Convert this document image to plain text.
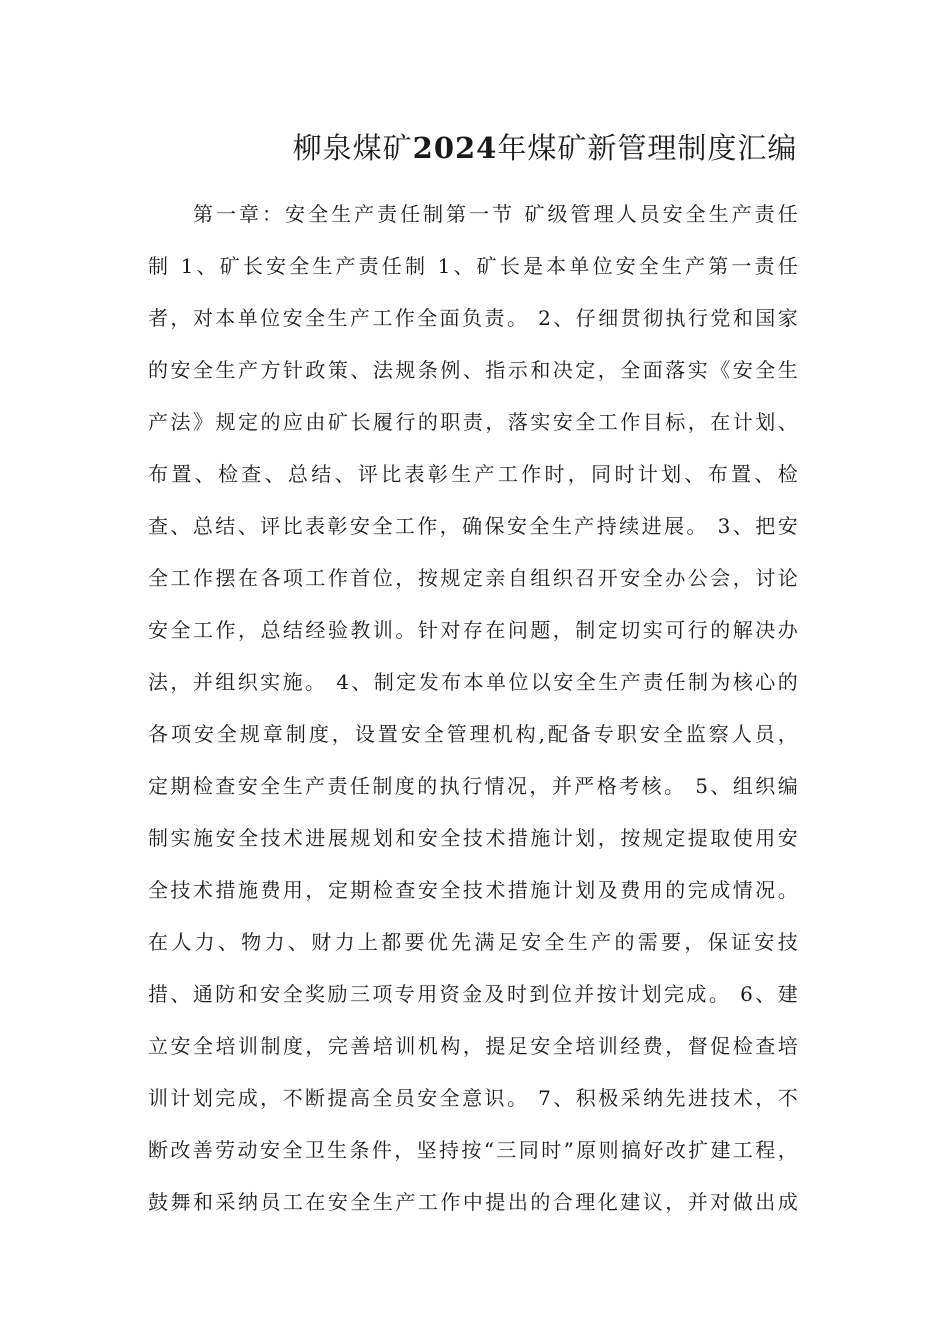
柳泉煤矿2024年煤矿新管理制度汇编
第一章：安全生产责任制第一节 矿级管理人员安全生产责任
制 1、矿长安全生产责任制 1、矿长是本单位安全生产第一责任
者，对本单位安全生产工作全面负责。 2、仔细贯彻执行党和国家
的安全生产方针政策、法规条例、指示和决定，全面落实《安全生
产法》规定的应由矿长履行的职责，落实安全工作目标，在计划、
布置、检查、总结、评比表彰生产工作时，同时计划、布置、检
查、总结、评比表彰安全工作，确保安全生产持续进展。 3、把安
全工作摆在各项工作首位，按规定亲自组织召开安全办公会，讨论
安全工作，总结经验教训。针对存在问题，制定切实可行的解决办
法，并组织实施。 4、制定发布本单位以安全生产责任制为核心的
各项安全规章制度，设置安全管理机构,配备专职安全监察人员，
定期检查安全生产责任制度的执行情况，并严格考核。 5、组织编
制实施安全技术进展规划和安全技术措施计划，按规定提取使用安
全技术措施费用，定期检查安全技术措施计划及费用的完成情况。
在人力、物力、财力上都要优先满足安全生产的需要，保证安技
措、通防和安全奖励三项专用资金及时到位并按计划完成。 6、建
立安全培训制度，完善培训机构，提足安全培训经费，督促检查培
训计划完成，不断提高全员安全意识。 7、积极采纳先进技术，不
断改善劳动安全卫生条件，坚持按“三同时”原则搞好改扩建工程，
鼓舞和采纳员工在安全生产工作中提出的合理化建议，并对做出成
